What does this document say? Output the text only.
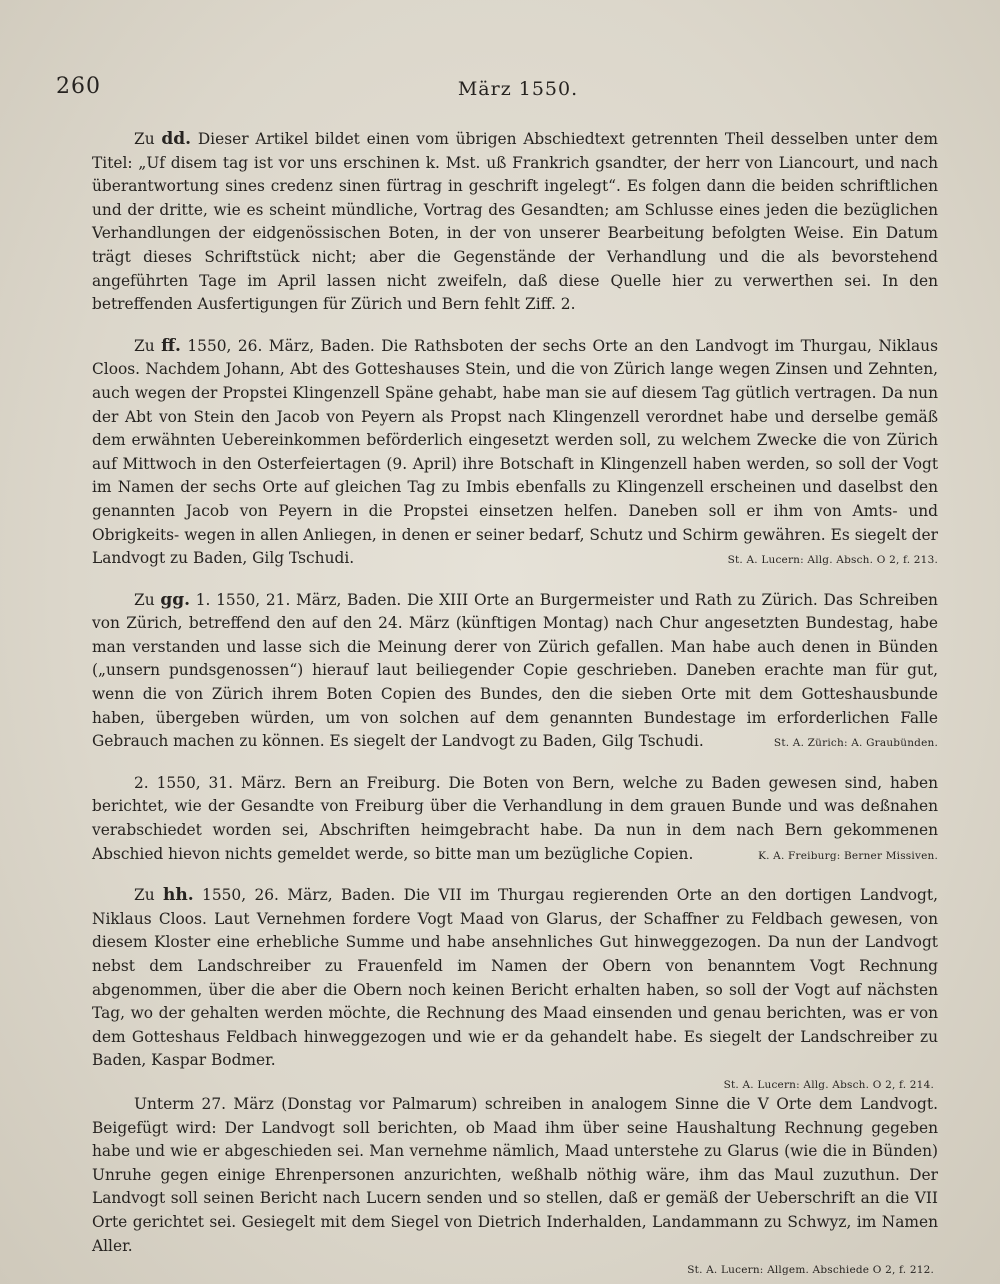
260	März 1550.

Zu dd. Dieser Artikel bildet einen vom übrigen Abschiedtext getrennten Theil desselben unter dem Titel: „Uf disem tag ist vor uns erschinen k. Mst. uß Frankrich gsandter, der herr von Liancourt, und nach überantwortung sines credenz sinen fürtrag in geschrift ingelegt“. Es folgen dann die beiden schriftlichen und der dritte, wie es scheint mündliche, Vortrag des Gesandten; am Schlusse eines jeden die bezüglichen Verhandlungen der eidgenössischen Boten, in der von unserer Bearbeitung befolgten Weise. Ein Datum trägt dieses Schriftstück nicht; aber die Gegenstände der Verhandlung und die als bevorstehend angeführten Tage im April lassen nicht zweifeln, daß diese Quelle hier zu verwerthen sei. In den betreffenden Ausfertigungen für Zürich und Bern fehlt Ziff. 2.

Zu ff. 1550, 26. März, Baden. Die Rathsboten der sechs Orte an den Landvogt im Thurgau, Niklaus Cloos. Nachdem Johann, Abt des Gotteshauses Stein, und die von Zürich lange wegen Zinsen und Zehnten, auch wegen der Propstei Klingenzell Späne gehabt, habe man sie auf diesem Tag gütlich vertragen. Da nun der Abt von Stein den Jacob von Peyern als Propst nach Klingenzell verordnet habe und derselbe gemäß dem erwähnten Uebereinkommen beförderlich eingesetzt werden soll, zu welchem Zwecke die von Zürich auf Mittwoch in den Osterfeiertagen (9. April) ihre Botschaft in Klingenzell haben werden, so soll der Vogt im Namen der sechs Orte auf gleichen Tag zu Imbis ebenfalls zu Klingenzell erscheinen und daselbst den genannten Jacob von Peyern in die Propstei einsetzen helfen. Daneben soll er ihm von Amts- und Obrigkeits- wegen in allen Anliegen, in denen er seiner bedarf, Schutz und Schirm gewähren. Es siegelt der Landvogt zu Baden, Gilg Tschudi.	St. A. Lucern: Allg. Absch. O 2, f. 213.

Zu gg. 1. 1550, 21. März, Baden. Die XIII Orte an Burgermeister und Rath zu Zürich. Das Schreiben von Zürich, betreffend den auf den 24. März (künftigen Montag) nach Chur angesetzten Bundestag, habe man verstanden und lasse sich die Meinung derer von Zürich gefallen. Man habe auch denen in Bünden („unsern pundsgenossen“) hierauf laut beiliegender Copie geschrieben. Daneben erachte man für gut, wenn die von Zürich ihrem Boten Copien des Bundes, den die sieben Orte mit dem Gotteshausbunde haben, übergeben würden, um von solchen auf dem genannten Bundestage im erforderlichen Falle Gebrauch machen zu können. Es siegelt der Landvogt zu Baden, Gilg Tschudi.	St. A. Zürich: A. Graubünden.

2. 1550, 31. März. Bern an Freiburg. Die Boten von Bern, welche zu Baden gewesen sind, haben berichtet, wie der Gesandte von Freiburg über die Verhandlung in dem grauen Bunde und was deßnahen verabschiedet worden sei, Abschriften heimgebracht habe. Da nun in dem nach Bern gekommenen Abschied hievon nichts gemeldet werde, so bitte man um bezügliche Copien.	K. A. Freiburg: Berner Missiven.

Zu hh. 1550, 26. März, Baden. Die VII im Thurgau regierenden Orte an den dortigen Landvogt, Niklaus Cloos. Laut Vernehmen fordere Vogt Maad von Glarus, der Schaffner zu Feldbach gewesen, von diesem Kloster eine erhebliche Summe und habe ansehnliches Gut hinweggezogen. Da nun der Landvogt nebst dem Landschreiber zu Frauenfeld im Namen der Obern von benanntem Vogt Rechnung abgenommen, über die aber die Obern noch keinen Bericht erhalten haben, so soll der Vogt auf nächsten Tag, wo der gehalten werden möchte, die Rechnung des Maad einsenden und genau berichten, was er von dem Gotteshaus Feldbach hinweggezogen und wie er da gehandelt habe. Es siegelt der Landschreiber zu Baden, Kaspar Bodmer.

St. A. Lucern: Allg. Absch. O 2, f. 214.

Unterm 27. März (Donstag vor Palmarum) schreiben in analogem Sinne die V Orte dem Landvogt. Beigefügt wird: Der Landvogt soll berichten, ob Maad ihm über seine Haushaltung Rechnung gegeben habe und wie er abgeschieden sei. Man vernehme nämlich, Maad unterstehe zu Glarus (wie die in Bünden) Unruhe gegen einige Ehrenpersonen anzurichten, weßhalb nöthig wäre, ihm das Maul zuzuthun. Der Landvogt soll seinen Bericht nach Lucern senden und so stellen, daß er gemäß der Ueberschrift an die VII Orte gerichtet sei. Gesiegelt mit dem Siegel von Dietrich Inderhalden, Landammann zu Schwyz, im Namen Aller.

St. A. Lucern: Allgem. Abschiede O 2, f. 212.
